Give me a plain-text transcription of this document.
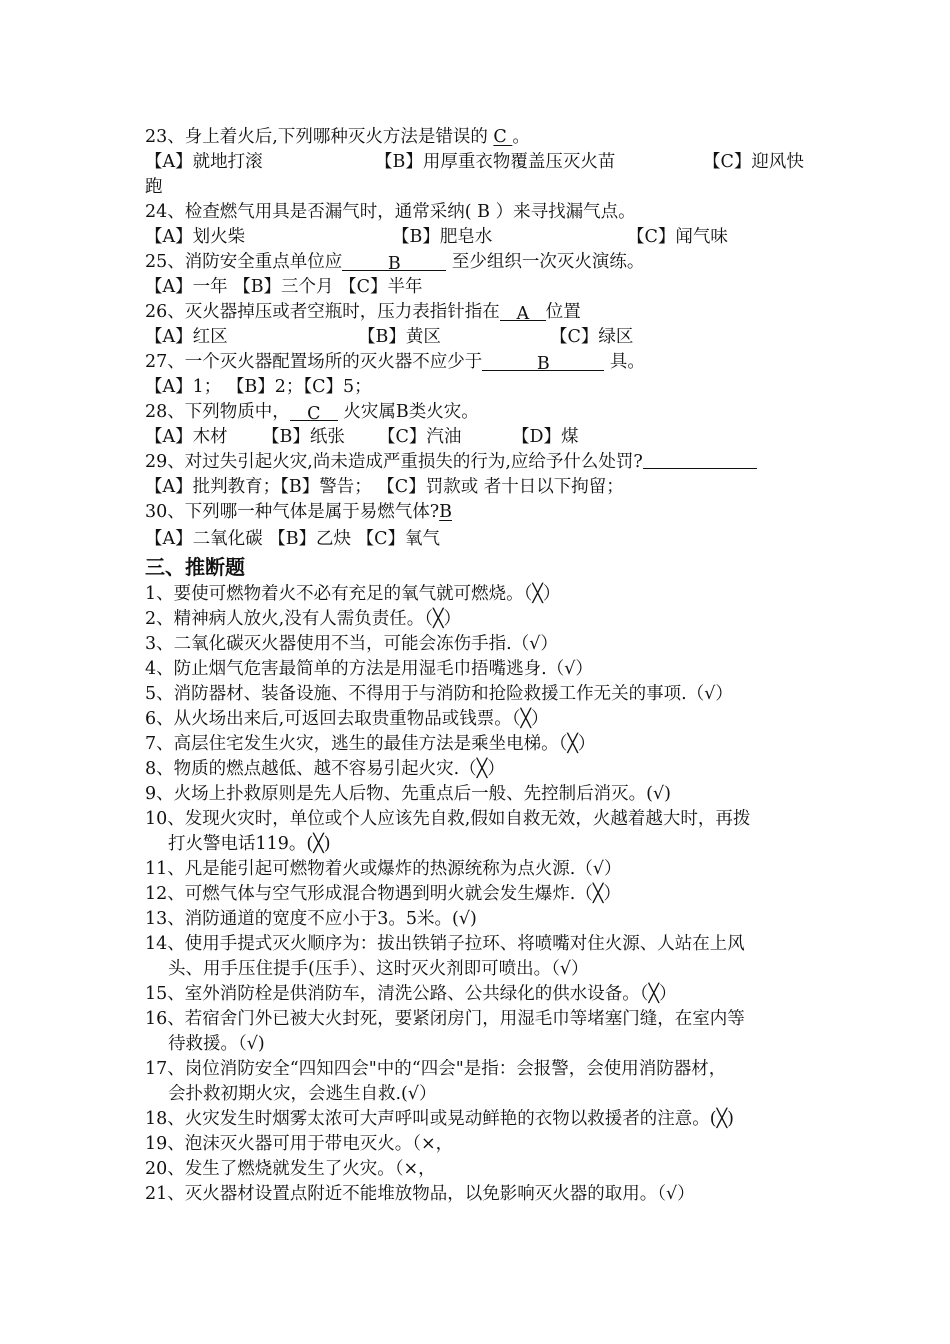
23、身上着火后,下列哪种灭火方法是错误的 C 。
【A】就地打滚	【B】用厚重衣物覆盖压灭火苗	【C】迎风快
跑
24、检查燃气用具是否漏气时，通常采纳( B ）来寻找漏气点。
【A】划火柴	【B】肥皂水	【C】闻气味
25、消防安全重点单位应	B	至少组织一次灭火演练。
【A】一年 【B】三个月 【C】半年
26、灭火器掉压或者空瓶时，压力表指针指在 A 位置
【A】红区	【B】黄区	【C】绿区
27、一个灭火器配置场所的灭火器不应少于	B	具。
【A】1； 【B】2；【C】5；
28、下列物质中， C 火灾属B类火灾。
【A】木材 【B】纸张 【C】汽油	【D】煤
29、对过失引起火灾,尚未造成严重损失的行为,应给予什么处罚?
【A】批判教育；【B】警告； 【C】罚款或 者十日以下拘留；
30、下列哪一种气体是属于易燃气体?B
【A】二氧化碳 【B】乙炔 【C】氧气
三、推断题
1、要使可燃物着火不必有充足的氧气就可燃烧。（╳）
2、精神病人放火,没有人需负责任。（╳）
3、二氧化碳灭火器使用不当，可能会冻伤手指.（√）
4、防止烟气危害最简单的方法是用湿毛巾捂嘴逃身.（√）
5、消防器材、装备设施、不得用于与消防和抢险救援工作无关的事项.（√）
6、从火场出来后,可返回去取贵重物品或钱票。（╳）
7、高层住宅发生火灾，逃生的最佳方法是乘坐电梯。（╳）
8、物质的燃点越低、越不容易引起火灾.（╳）
9、火场上扑救原则是先人后物、先重点后一般、先控制后消灭。(√)
10、发现火灾时，单位或个人应该先自救,假如自救无效，火越着越大时，再拨
打火警电话119。(╳)
11、凡是能引起可燃物着火或爆炸的热源统称为点火源.（√）
12、可燃气体与空气形成混合物遇到明火就会发生爆炸.（╳）
13、消防通道的宽度不应小于3。5米。(√)
14、使用手提式灭火顺序为：拔出铁销子拉环、将喷嘴对住火源、人站在上风
头、用手压住提手(压手）、这时灭火剂即可喷出。（√）
15、室外消防栓是供消防车，清洗公路、公共绿化的供水设备。（╳）
16、若宿舍门外已被大火封死，要紧闭房门，用湿毛巾等堵塞门缝，在室内等
待救援。（√)
17、岗位消防安全“四知四会"中的“四会"是指：会报警，会使用消防器材，
会扑救初期火灾，会逃生自救.(√）
18、火灾发生时烟雾太浓可大声呼叫或晃动鲜艳的衣物以救援者的注意。(╳)
19、泡沫灭火器可用于带电灭火。（×，
20、发生了燃烧就发生了火灾。（×，
21、灭火器材设置点附近不能堆放物品，以免影响灭火器的取用。（√）
